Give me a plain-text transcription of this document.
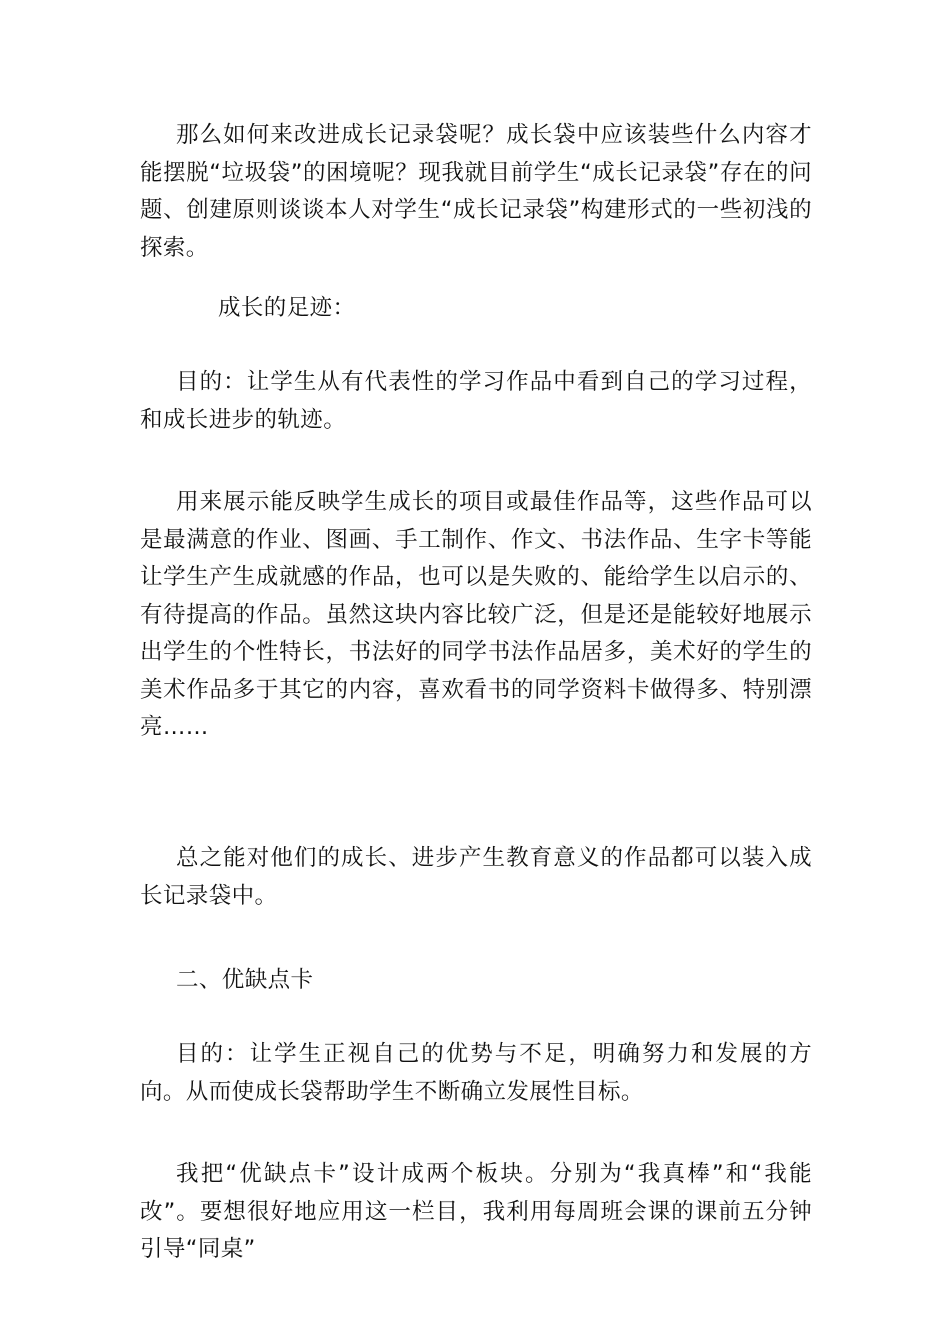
那么如何来改进成长记录袋呢？成长袋中应该装些什么内容才能摆脱“垃圾袋”的困境呢？现我就目前学生“成长记录袋”存在的问题、创建原则谈谈本人对学生“成长记录袋”构建形式的一些初浅的探索。

成长的足迹：

目的：让学生从有代表性的学习作品中看到自己的学习过程，和成长进步的轨迹。

用来展示能反映学生成长的项目或最佳作品等，这些作品可以是最满意的作业、图画、手工制作、作文、书法作品、生字卡等能让学生产生成就感的作品，也可以是失败的、能给学生以启示的、有待提高的作品。虽然这块内容比较广泛，但是还是能较好地展示出学生的个性特长，书法好的同学书法作品居多，美术好的学生的美术作品多于其它的内容，喜欢看书的同学资料卡做得多、特别漂亮……

总之能对他们的成长、进步产生教育意义的作品都可以装入成长记录袋中。

二、优缺点卡

目的：让学生正视自己的优势与不足，明确努力和发展的方向。从而使成长袋帮助学生不断确立发展性目标。

我把“优缺点卡”设计成两个板块。分别为“我真棒”和“我能改”。要想很好地应用这一栏目，我利用每周班会课的课前五分钟引导“同桌”
